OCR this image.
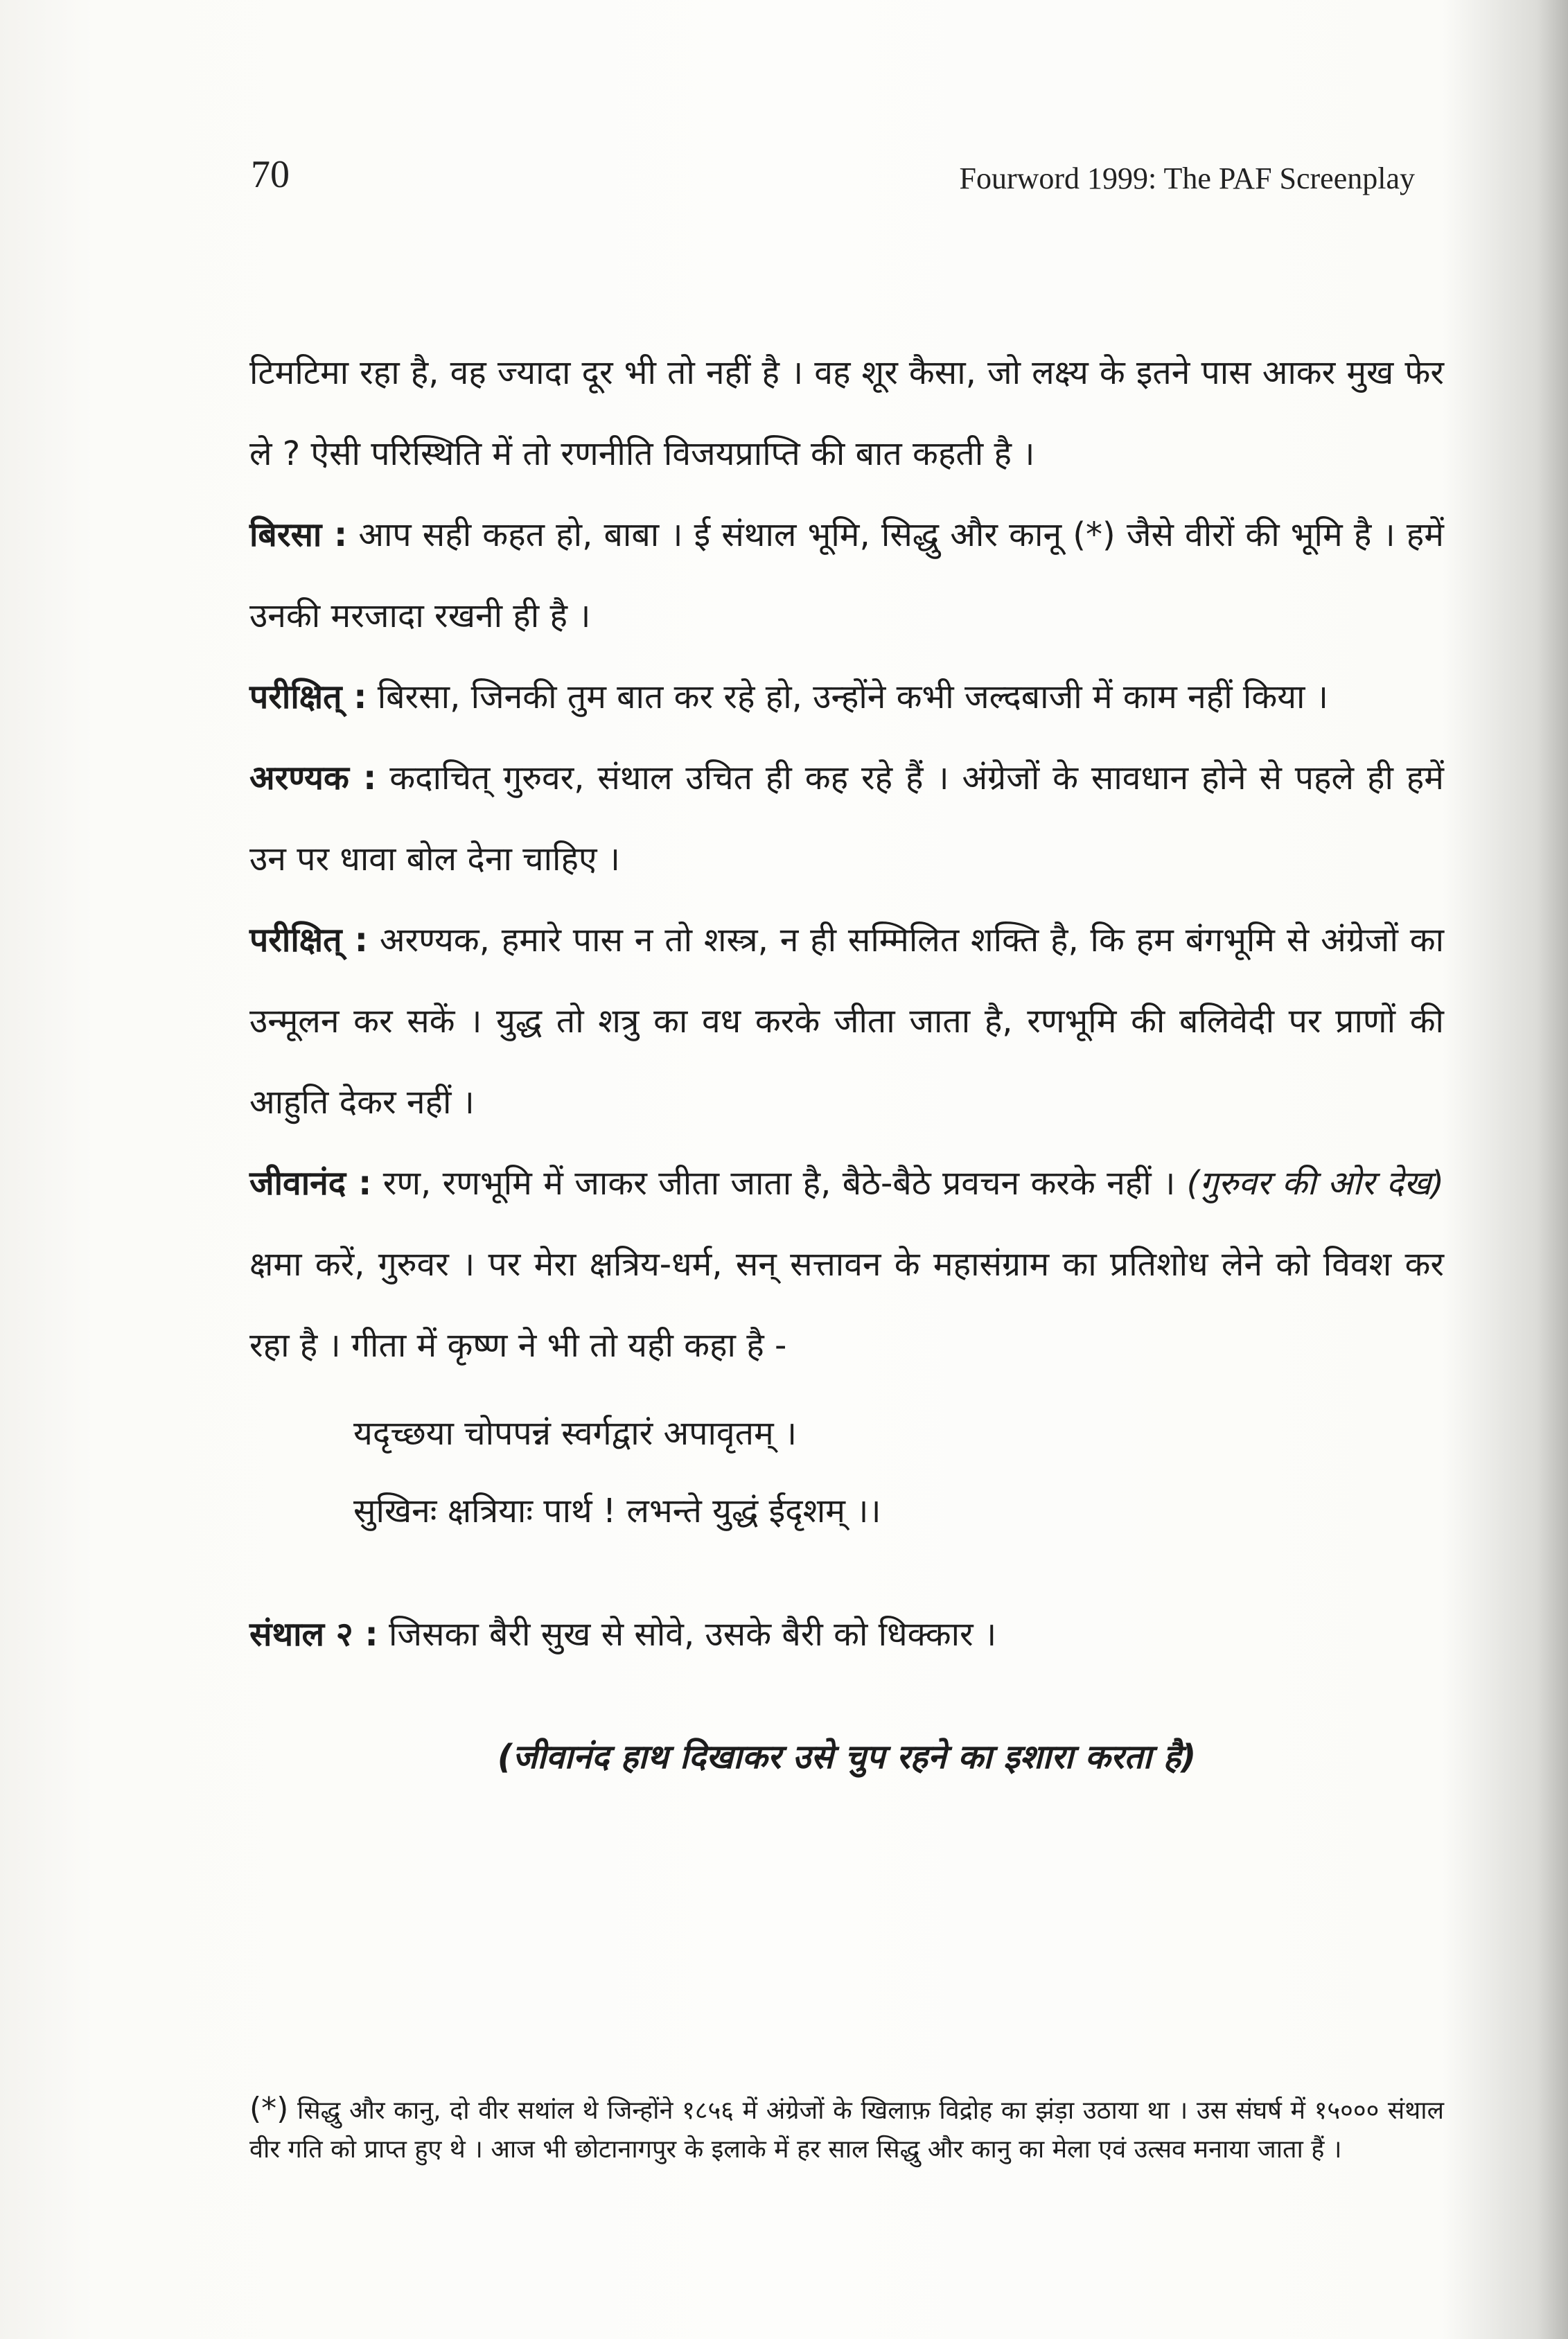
70	Fourword 1999: The PAF Screenplay

टिमटिमा रहा है, वह ज्यादा दूर भी तो नहीं है । वह शूर कैसा, जो लक्ष्य के इतने पास आकर मुख फेर ले ? ऐसी परिस्थिति में तो रणनीति विजयप्राप्ति की बात कहती है ।

बिरसा : आप सही कहत हो, बाबा । ई संथाल भूमि, सिद्धु और कानू (*) जैसे वीरों की भूमि है । हमें उनकी मरजादा रखनी ही है ।

परीक्षित् : बिरसा, जिनकी तुम बात कर रहे हो, उन्होंने कभी जल्दबाजी में काम नहीं किया ।

अरण्यक : कदाचित् गुरुवर, संथाल उचित ही कह रहे हैं । अंग्रेजों के सावधान होने से पहले ही हमें उन पर धावा बोल देना चाहिए ।

परीक्षित् : अरण्यक, हमारे पास न तो शस्त्र, न ही सम्मिलित शक्ति है, कि हम बंगभूमि से अंग्रेजों का उन्मूलन कर सकें । युद्ध तो शत्रु का वध करके जीता जाता है, रणभूमि की बलिवेदी पर प्राणों की आहुति देकर नहीं ।

जीवानंद : रण, रणभूमि में जाकर जीता जाता है, बैठे-बैठे प्रवचन करके नहीं । (गुरुवर की ओर देख) क्षमा करें, गुरुवर । पर मेरा क्षत्रिय-धर्म, सन् सत्तावन के महासंग्राम का प्रतिशोध लेने को विवश कर रहा है । गीता में कृष्ण ने भी तो यही कहा है -

यदृच्छया चोपपन्नं स्वर्गद्वारं अपावृतम् ।
सुखिनः क्षत्रियाः पार्थ ! लभन्ते युद्धं ईदृशम् ।।

संथाल २ : जिसका बैरी सुख से सोवे, उसके बैरी को धिक्कार ।

(जीवानंद हाथ दिखाकर उसे चुप रहने का इशारा करता है)

(*) सिद्धु और कानु, दो वीर सथांल थे जिन्होंने १८५६ में अंग्रेजों के खिलाफ़ विद्रोह का झंड़ा उठाया था । उस संघर्ष में १५००० संथाल वीर गति को प्राप्त हुए थे । आज भी छोटानागपुर के इलाके में हर साल सिद्धु और कानु का मेला एवं उत्सव मनाया जाता हैं ।
